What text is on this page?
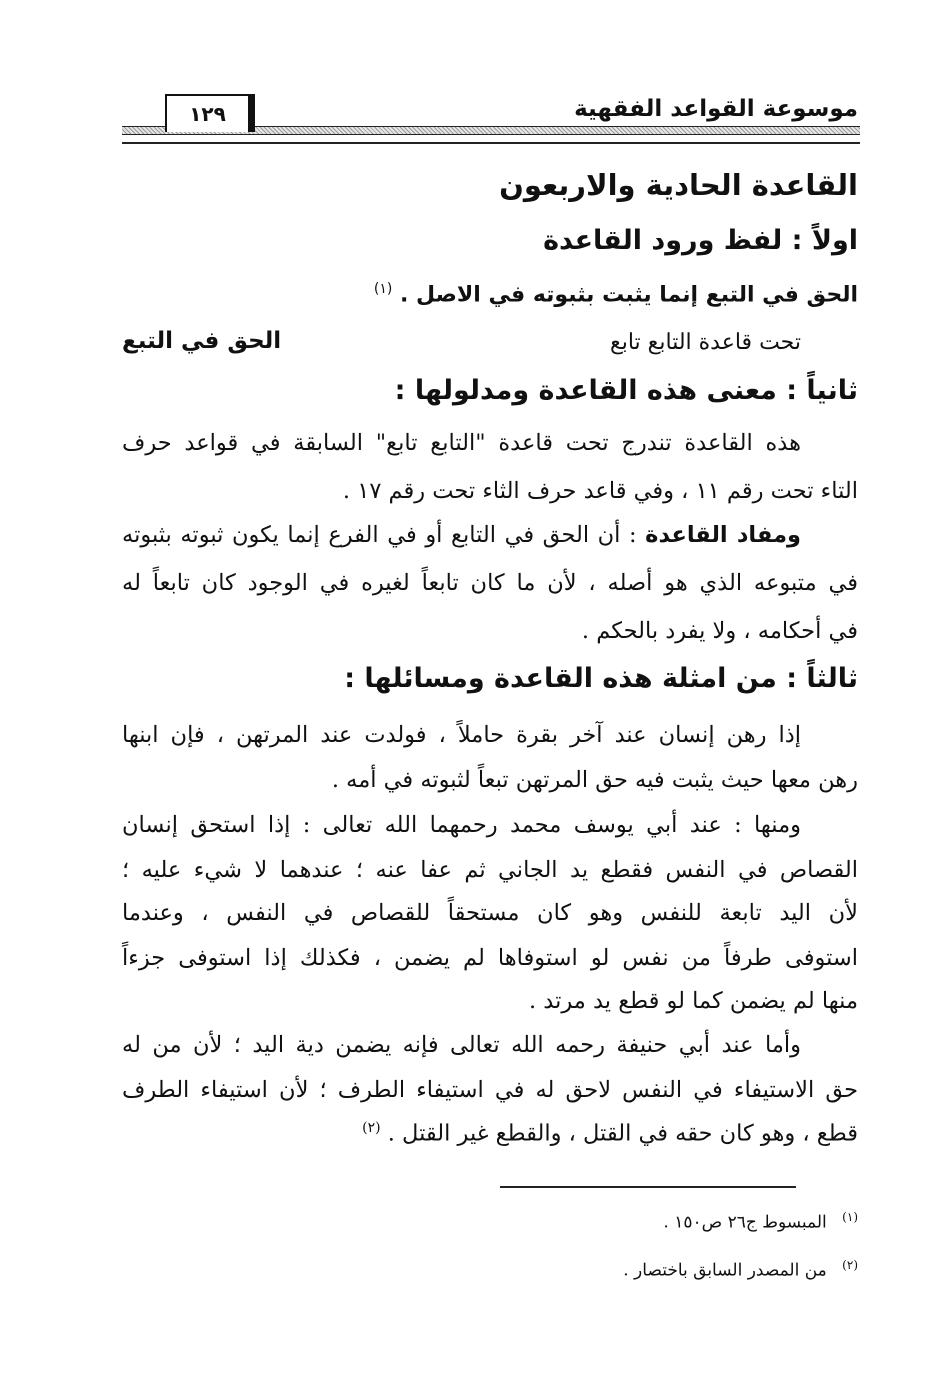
موسوعة القواعد الفقهية
١٢٩
القاعدة الحادية والاربعون
اولاً : لفظ ورود القاعدة
الحق في التبع إنما يثبت بثبوته في الاصل . $^{(١)}$
تحت قاعدة التابع تابع
الحق في التبع
ثانياً : معنى هذه القاعدة ومدلولها :
هذه القاعدة تندرج تحت قاعدة "التابع تابع" السابقة في قواعد حرف
التاء تحت رقم ١١ ، وفي قاعد حرف الثاء تحت رقم ١٧ .
ومفاد القاعدة : أن الحق في التابع أو في الفرع إنما يكون ثبوته بثبوته
في متبوعه الذي هو أصله ، لأن ما كان تابعاً لغيره في الوجود كان تابعاً له
في أحكامه ، ولا يفرد بالحكم .
ثالثاً : من امثلة هذه القاعدة ومسائلها :
إذا رهن إنسان عند آخر بقرة حاملاً ، فولدت عند المرتهن ، فإن ابنها
رهن معها حيث يثبت فيه حق المرتهن تبعاً لثبوته في أمه .
ومنها : عند أبي يوسف محمد رحمهما الله تعالى : إذا استحق إنسان
القصاص في النفس فقطع يد الجاني ثم عفا عنه ؛ عندهما لا شيء عليه ؛
لأن اليد تابعة للنفس وهو كان مستحقاً للقصاص في النفس ، وعندما
استوفى طرفاً من نفس لو استوفاها لم يضمن ، فكذلك إذا استوفى جزءاً
منها لم يضمن كما لو قطع يد مرتد .
وأما عند أبي حنيفة رحمه الله تعالى فإنه يضمن دية اليد ؛ لأن من له
حق الاستيفاء في النفس لاحق له في استيفاء الطرف ؛ لأن استيفاء الطرف
قطع ، وهو كان حقه في القتل ، والقطع غير القتل . $^{(٢)}$
$^{(١)}$ المبسوط ج٢٦ ص١٥٠ .
$^{(٢)}$ من المصدر السابق باختصار .
